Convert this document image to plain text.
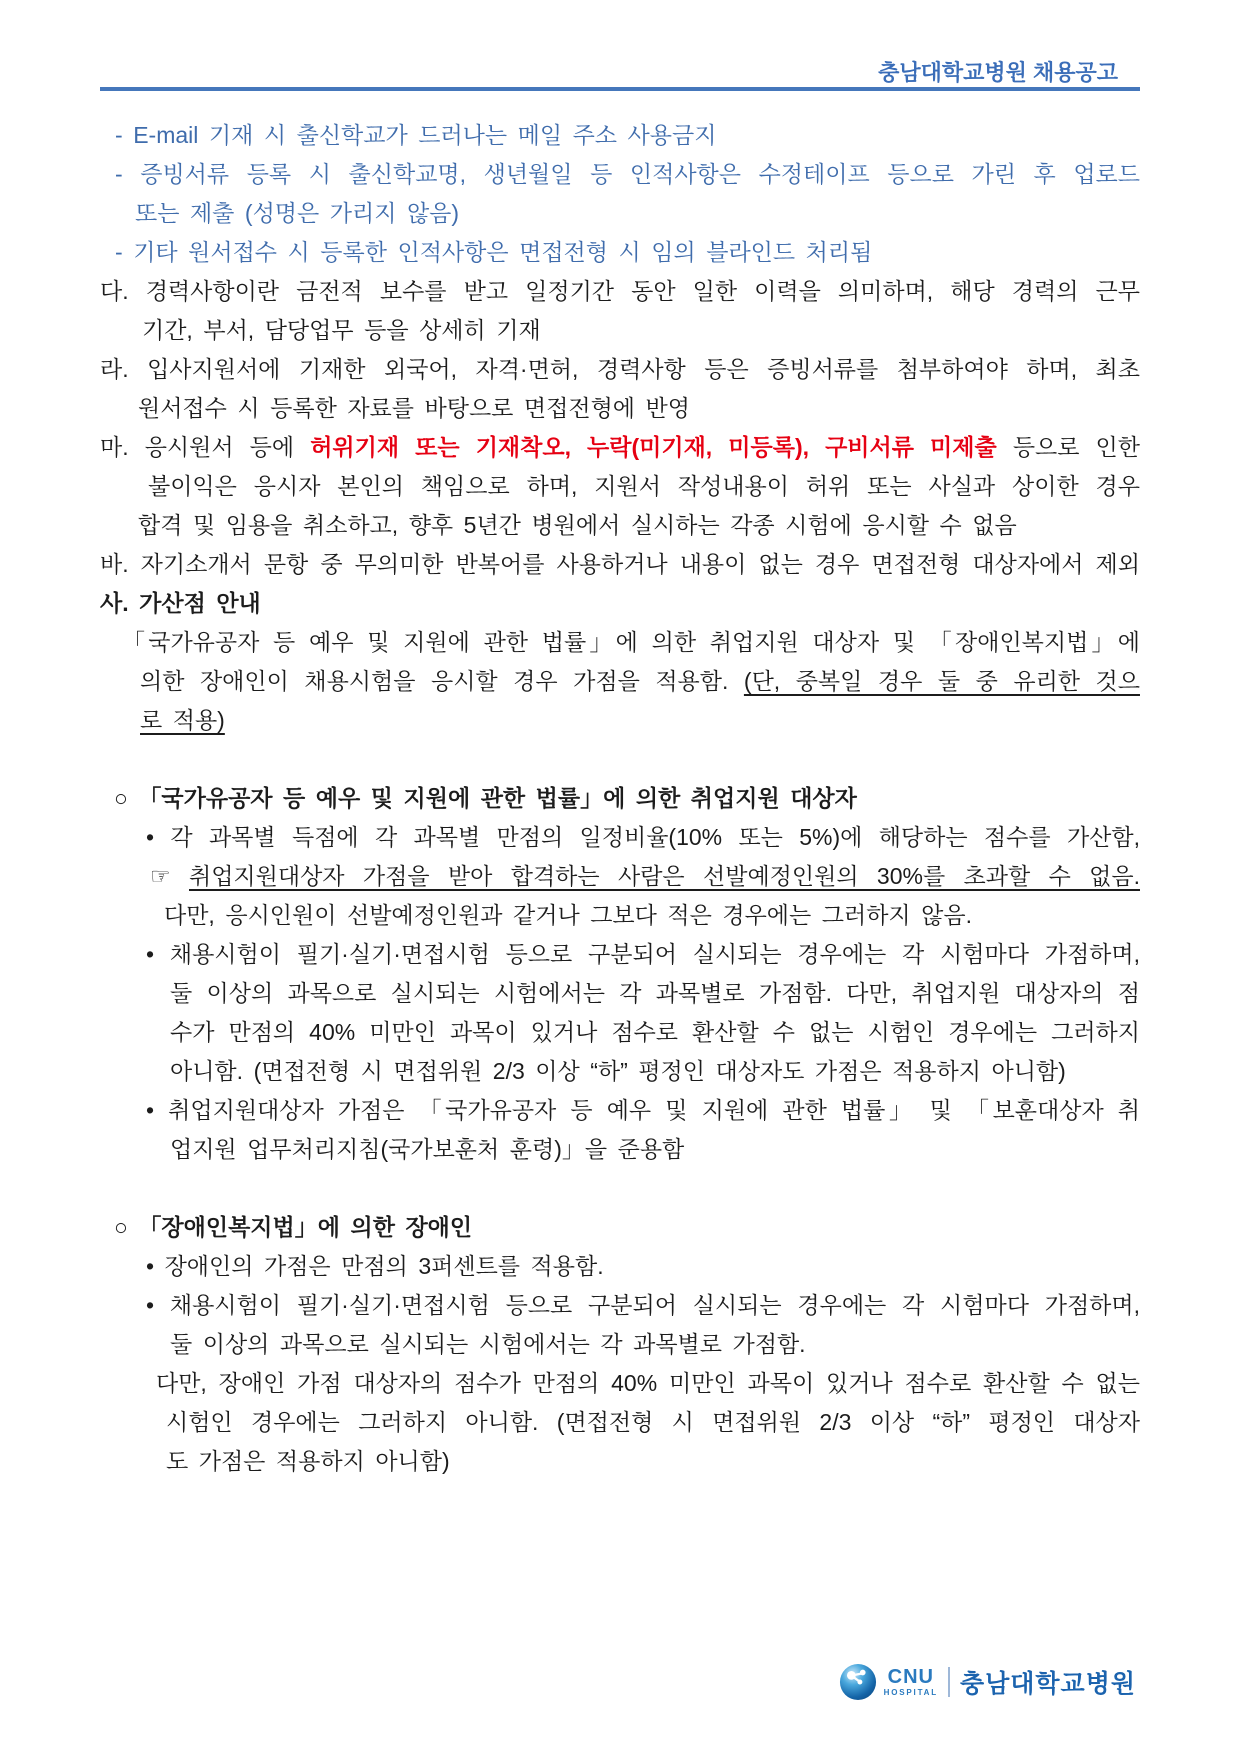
충남대학교병원 채용공고
- E-mail 기재 시 출신학교가 드러나는 메일 주소 사용금지
- 증빙서류 등록 시 출신학교명, 생년월일 등 인적사항은 수정테이프 등으로 가린 후 업로드
또는 제출 (성명은 가리지 않음)
- 기타 원서접수 시 등록한 인적사항은 면접전형 시 임의 블라인드 처리됨
다. 경력사항이란 금전적 보수를 받고 일정기간 동안 일한 이력을 의미하며, 해당 경력의 근무
기간, 부서, 담당업무 등을 상세히 기재
라. 입사지원서에 기재한 외국어, 자격·면허, 경력사항 등은 증빙서류를 첨부하여야 하며, 최초
원서접수 시 등록한 자료를 바탕으로 면접전형에 반영
마. 응시원서 등에 허위기재 또는 기재착오, 누락(미기재, 미등록), 구비서류 미제출 등으로 인한
불이익은 응시자 본인의 책임으로 하며, 지원서 작성내용이 허위 또는 사실과 상이한 경우
합격 및 임용을 취소하고, 향후 5년간 병원에서 실시하는 각종 시험에 응시할 수 없음
바. 자기소개서 문항 중 무의미한 반복어를 사용하거나 내용이 없는 경우 면접전형 대상자에서 제외
사. 가산점 안내
「국가유공자 등 예우 및 지원에 관한 법률」에 의한 취업지원 대상자 및 「장애인복지법」에
의한 장애인이 채용시험을 응시할 경우 가점을 적용함. (단, 중복일 경우 둘 중 유리한 것으
로 적용)
○ 「국가유공자 등 예우 및 지원에 관한 법률」에 의한 취업지원 대상자
• 각 과목별 득점에 각 과목별 만점의 일정비율(10% 또는 5%)에 해당하는 점수를 가산함,
☞ 취업지원대상자 가점을 받아 합격하는 사람은 선발예정인원의 30%를 초과할 수 없음.
다만, 응시인원이 선발예정인원과 같거나 그보다 적은 경우에는 그러하지 않음.
• 채용시험이 필기·실기·면접시험 등으로 구분되어 실시되는 경우에는 각 시험마다 가점하며,
둘 이상의 과목으로 실시되는 시험에서는 각 과목별로 가점함. 다만, 취업지원 대상자의 점
수가 만점의 40% 미만인 과목이 있거나 점수로 환산할 수 없는 시험인 경우에는 그러하지
아니함. (면접전형 시 면접위원 2/3 이상 “하” 평정인 대상자도 가점은 적용하지 아니함)
• 취업지원대상자 가점은 「국가유공자 등 예우 및 지원에 관한 법률」 및 「보훈대상자 취
업지원 업무처리지침(국가보훈처 훈령)」을 준용함
○ 「장애인복지법」에 의한 장애인
• 장애인의 가점은 만점의 3퍼센트를 적용함.
• 채용시험이 필기·실기·면접시험 등으로 구분되어 실시되는 경우에는 각 시험마다 가점하며,
둘 이상의 과목으로 실시되는 시험에서는 각 과목별로 가점함.
다만, 장애인 가점 대상자의 점수가 만점의 40% 미만인 과목이 있거나 점수로 환산할 수 없는
시험인 경우에는 그러하지 아니함. (면접전형 시 면접위원 2/3 이상 “하” 평정인 대상자
도 가점은 적용하지 아니함)
CNU
HOSPITAL 충남대학교병원
